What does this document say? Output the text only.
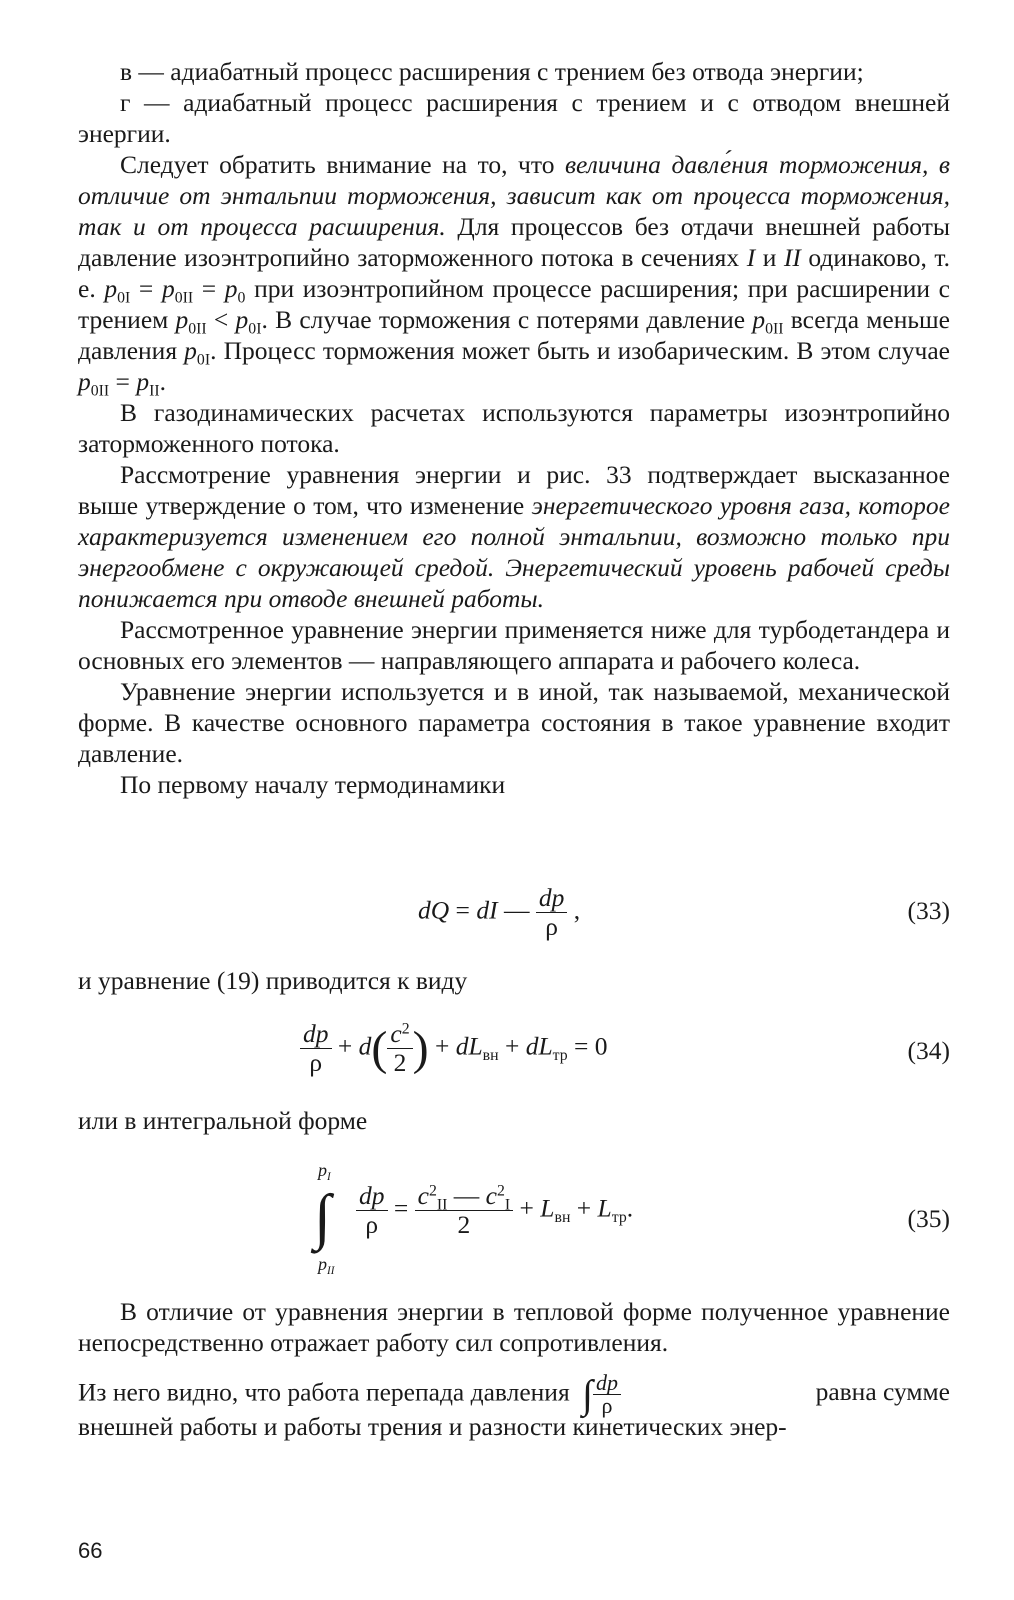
в — адиабатный процесс расширения с трением без отвода энергии;

г — адиабатный процесс расширения с трением и с отводом внешней энергии.

Следует обратить внимание на то, что величина давле́ния торможения, в отличие от энтальпии торможения, зависит как от процесса торможения, так и от процесса расширения. Для процессов без отдачи внешней работы давление изоэнтропийно заторможенного потока в сечениях I и II одинаково, т. е. $p_{0I} = p_{0II} = p_0$ при изоэнтропийном процессе расширения; при расширении с трением $p_{0II} < p_{0I}$. В случае торможения с потерями давление $p_{0II}$ всегда меньше давления $p_{0I}$. Процесс торможения может быть и изобарическим. В этом случае $p_{0II} = p_{II}$.

В газодинамических расчетах используются параметры изоэнтропийно заторможенного потока.

Рассмотрение уравнения энергии и рис. 33 подтверждает высказанное выше утверждение о том, что изменение энергетического уровня газа, которое характеризуется изменением его полной энтальпии, возможно только при энергообмене с окружающей средой. Энергетический уровень рабочей среды понижается при отводе внешней работы.

Рассмотренное уравнение энергии применяется ниже для турбодетандера и основных его элементов — направляющего аппарата и рабочего колеса.

Уравнение энергии используется и в иной, так называемой, механической форме. В качестве основного параметра состояния в такое уравнение входит давление.

По первому началу термодинамики

dQ = dI — $\frac{dp}{\rho}$ ,	(33)
и уравнение (19) приводится к виду
$\frac{dp}{\rho} + d( \frac{c^2}{2}$ ) + $dL_{вн} + dL_{тр} = 0$	(34)
или в интегральной форме
$p_I$
∫
$p_{II}$
$\frac{dp}{\rho} = \frac{c^2_{II} — c^2_I}{2} + L_{вн} + L_{тр}$.	(35)

В отличие от уравнения энергии в тепловой форме полученное уравнение непосредственно отражает работу сил сопротивления.

Из него видно, что работа перепада давления ∫ $\frac{dp}{\rho}$	равна сумме
внешней работы и работы трения и разности кинетических энер-
66
